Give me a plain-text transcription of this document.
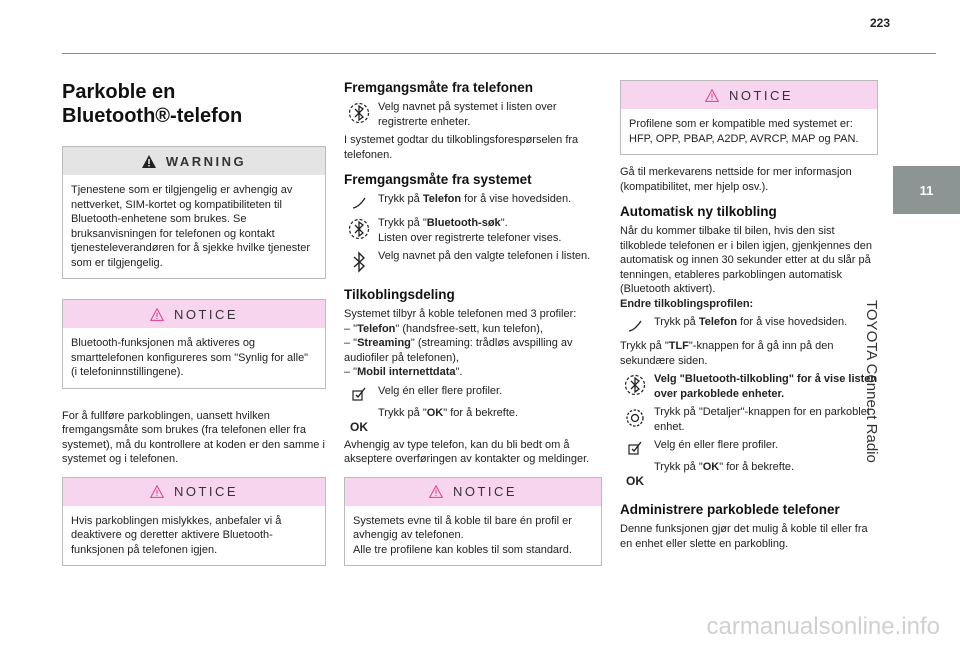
223
11
TOYOTA Connect Radio
Parkoble en
Bluetooth®-telefon
WARNING
Tjenestene som er tilgjengelig er avhengig av nettverket, SIM-kortet og kompatibiliteten til Bluetooth-enhetene som brukes. Se bruksanvisningen for telefonen og kontakt tjenesteleverandøren for å sjekke hvilke tjenester som er tilgjengelig.
NOTICE
Bluetooth-funksjonen må aktiveres og smarttelefonen konfigureres som "Synlig for alle" (i telefoninnstillingene).

For å fullføre parkoblingen, uansett hvilken fremgangsmåte som brukes (fra telefonen eller fra systemet), må du kontrollere at koden er den samme i systemet og i telefonen.

NOTICE
Hvis parkoblingen mislykkes, anbefaler vi å deaktivere og deretter aktivere Bluetooth-funksjonen på telefonen igjen.
Fremgangsmåte fra telefonen
Velg navnet på systemet i listen over registrerte enheter.

I systemet godtar du tilkoblingsforespørselen fra telefonen.

Fremgangsmåte fra systemet
Trykk på Telefon for å vise hovedsiden.
Trykk på "Bluetooth-søk".
Listen over registrerte telefoner vises.
Velg navnet på den valgte telefonen i listen.
Tilkoblingsdeling

Systemet tilbyr å koble telefonen med 3 profiler:

– "Telefon" (handsfree-sett, kun telefon),

– "Streaming" (streaming: trådløs avspilling av audiofiler på telefonen),

– "Mobil internettdata".

Velg én eller flere profiler.
OK
Trykk på "OK" for å bekrefte.

Avhengig av type telefon, kan du bli bedt om å akseptere overføringen av kontakter og meldinger.

NOTICE
Systemets evne til å koble til bare én profil er avhengig av telefonen.
Alle tre profilene kan kobles til som standard.
NOTICE
Profilene som er kompatible med systemet er: HFP, OPP, PBAP, A2DP, AVRCP, MAP og PAN.

Gå til merkevarens nettside for mer informasjon (kompatibilitet, mer hjelp osv.).

Automatisk ny tilkobling

Når du kommer tilbake til bilen, hvis den sist tilkoblede telefonen er i bilen igjen, gjenkjennes den automatisk og innen 30 sekunder etter at du slår på tenningen, etableres parkoblingen automatisk (Bluetooth aktivert).

Endre tilkoblingsprofilen:

Trykk på Telefon for å vise hovedsiden.

Trykk på "TLF"-knappen for å gå inn på den sekundære siden.

Velg "Bluetooth-tilkobling" for å vise listen over parkoblede enheter.
Trykk på "Detaljer"-knappen for en parkoblet enhet.
Velg én eller flere profiler.
OK
Trykk på "OK" for å bekrefte.
Administrere parkoblede telefoner

Denne funksjonen gjør det mulig å koble til eller fra en enhet eller slette en parkobling.

carmanualsonline.info
